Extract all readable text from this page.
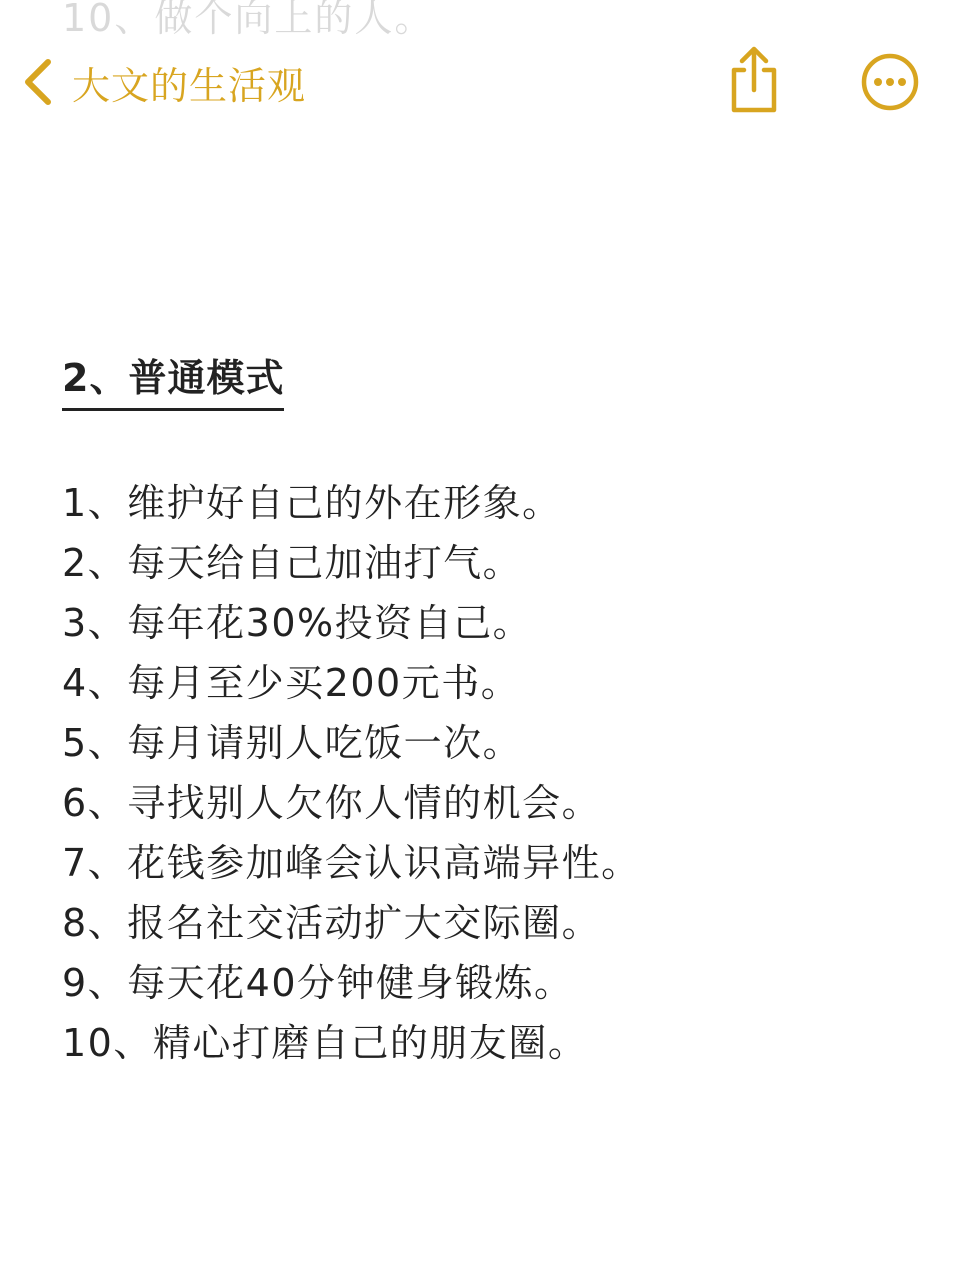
10、做个向上的人。
大文的生活观
2、普通模式
1、维护好自己的外在形象。
2、每天给自己加油打气。
3、每年花30%投资自己。
4、每月至少买200元书。
5、每月请别人吃饭一次。
6、寻找别人欠你人情的机会。
7、花钱参加峰会认识高端异性。
8、报名社交活动扩大交际圈。
9、每天花40分钟健身锻炼。
10、精心打磨自己的朋友圈。
